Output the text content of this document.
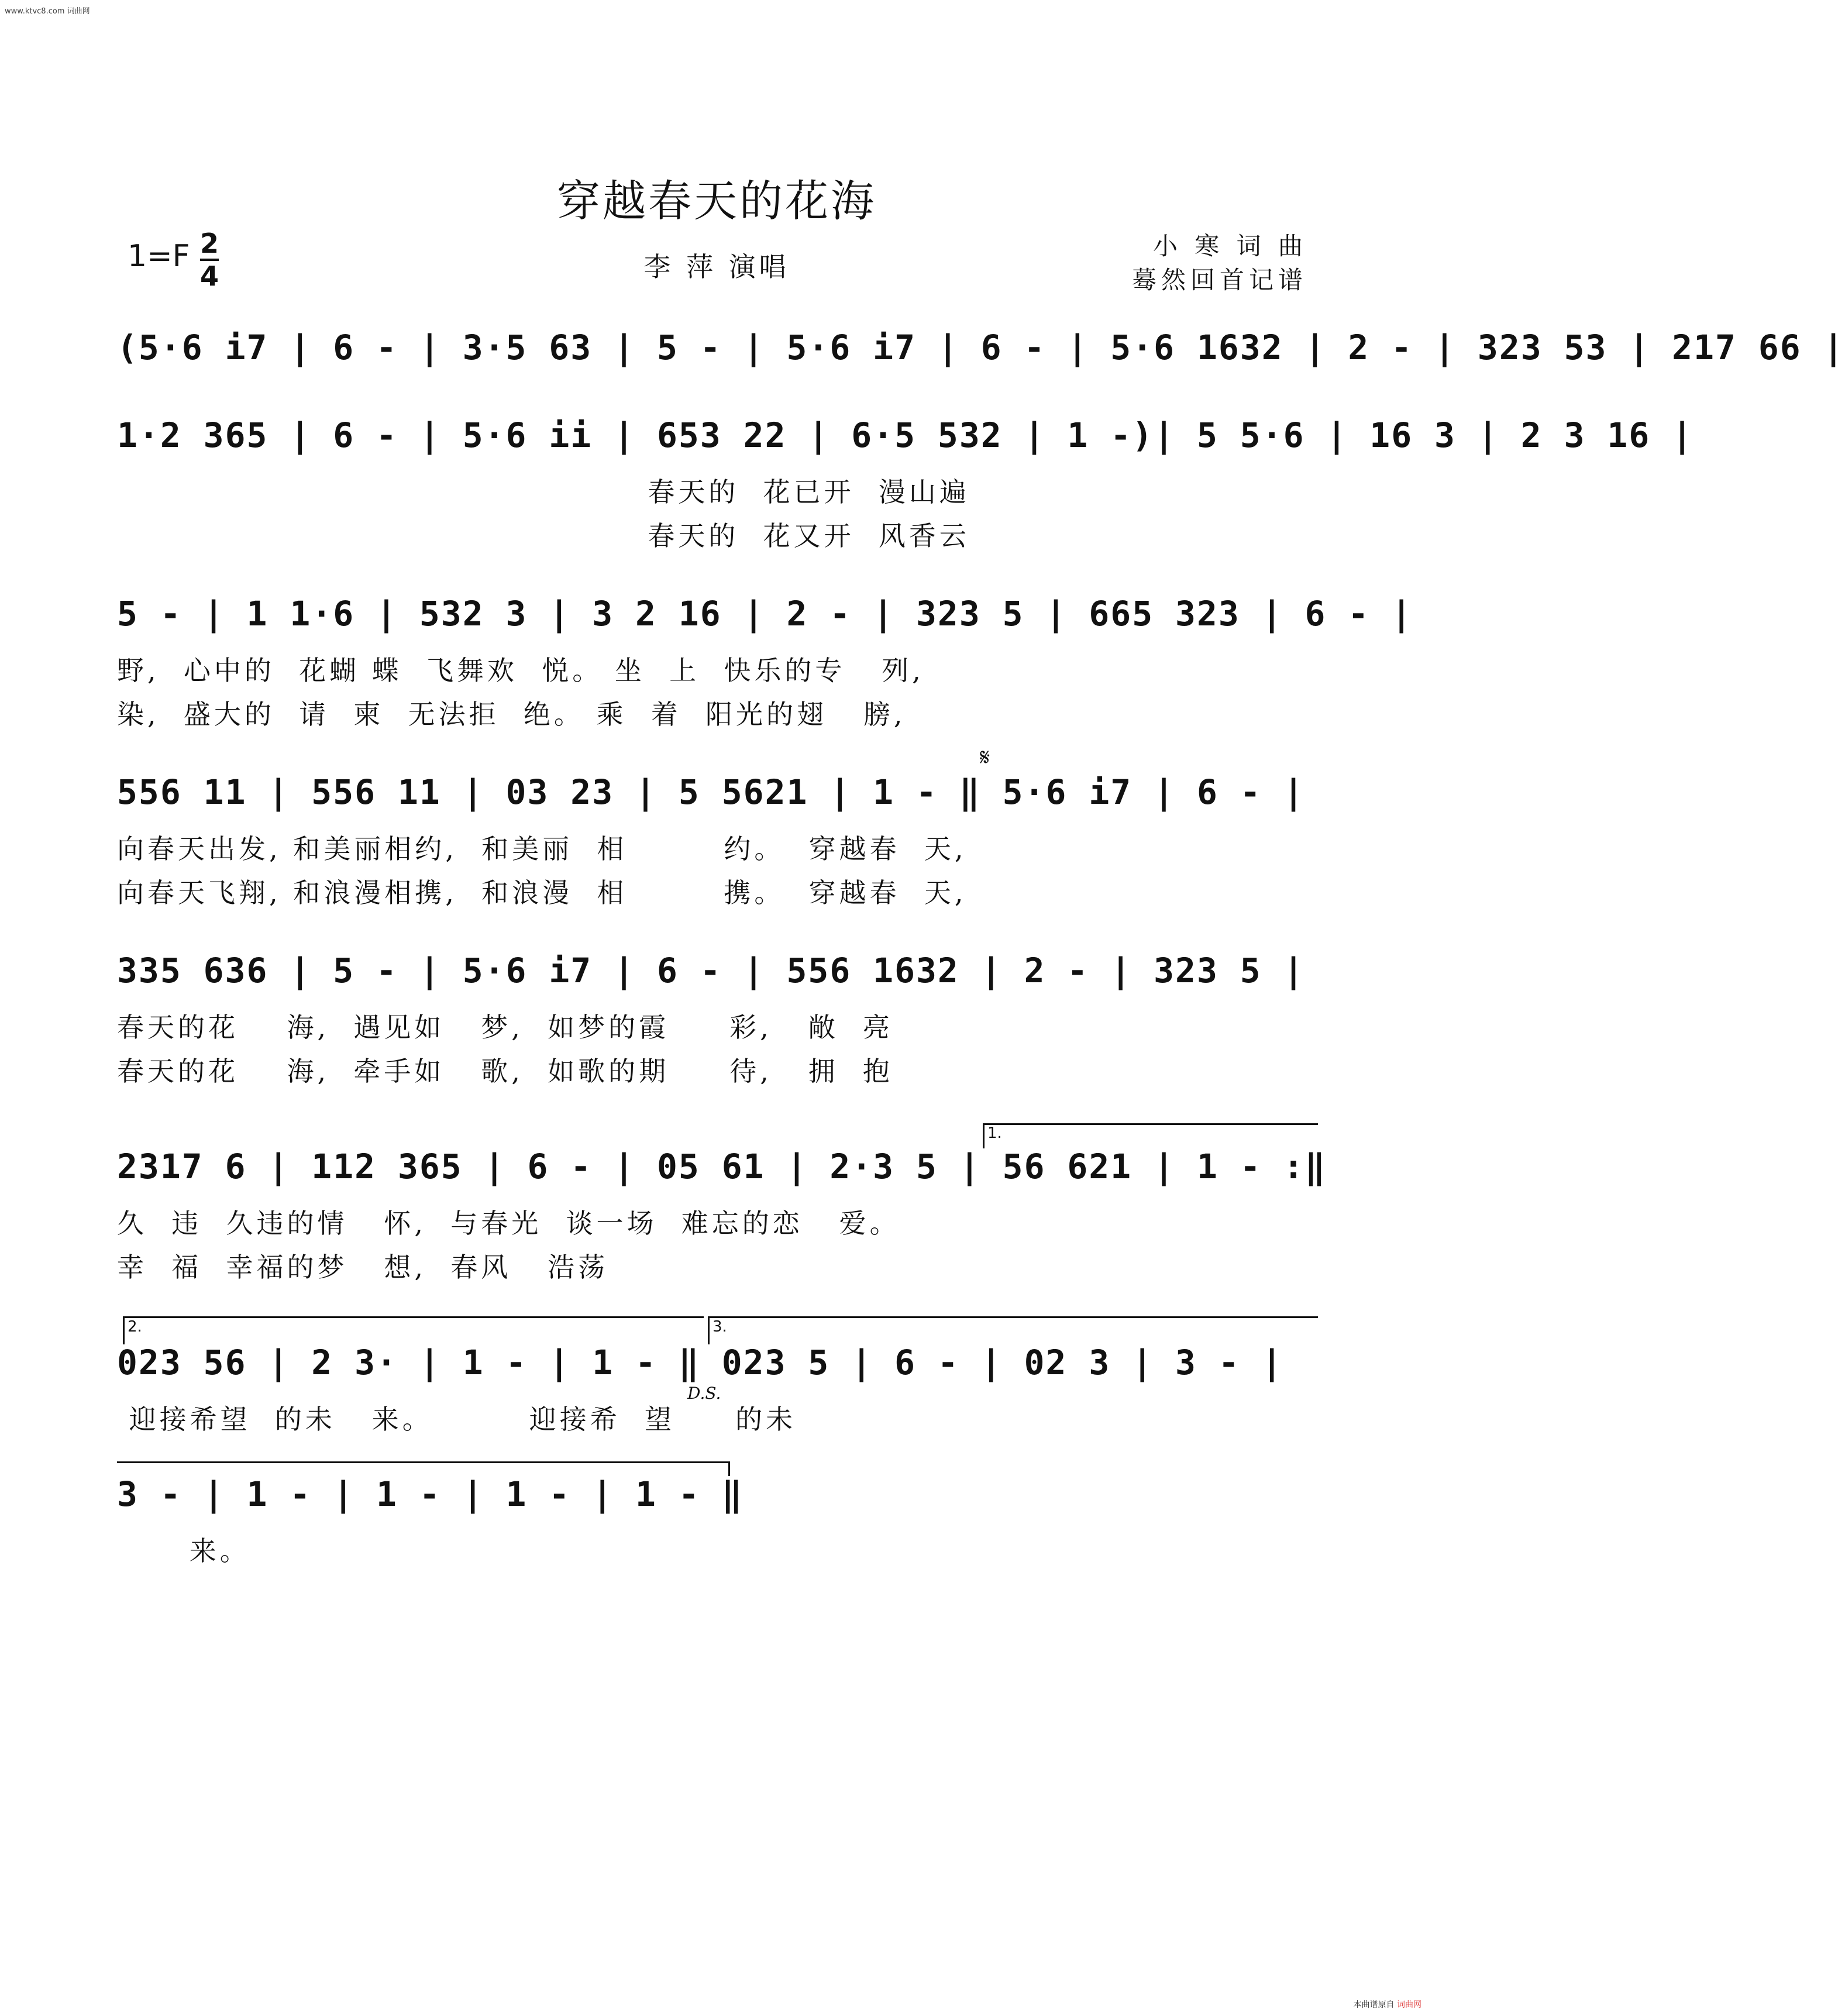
www.ktvc8.com 词曲网
穿越春天的花海
$1=F \frac{2}{4}$	李 萍 演唱
小 寒 词 曲
蓦然回首记谱
(5·6 i7 | 6 - | 3·5 63 | 5 - | 5·6 i7 | 6 - | 5·6 1632 | 2 - | 323 53 | 217 66 |
1·2 365 | 6 - | 5·6 ii | 653 22 | 6·5 532 | 1 -)| 5 5·6 | 16 3 | 2 3 16 |
春天的  花已开  漫山遍
春天的  花又开  风香云
5 - | 1 1·6 | 532 3 | 3 2 16 | 2 - | 323 5 | 665 323 | 6 - |
野,  心中的  花蝴 蝶  飞舞欢  悦。 坐  上  快乐的专   列,
染,  盛大的  请  柬  无法拒  绝。 乘  着  阳光的翅   膀,
556 11 | 556 11 | 03 23 | 5 5621 | 1 - ‖ 5·6 i7 | 6 - |
向春天出发, 和美丽相约,  和美丽  相        约。  穿越春  天,
向春天飞翔, 和浪漫相携,  和浪漫  相        携。  穿越春  天,
𝄋
335 636 | 5 - | 5·6 i7 | 6 - | 556 1632 | 2 - | 323 5 |
春天的花    海,  遇见如   梦,  如梦的霞     彩,   敞  亮
春天的花    海,  牵手如   歌,  如歌的期     待,   拥  抱
1.
2317 6 | 112 365 | 6 - | 05 61 | 2·3 5 | 56 621 | 1 - :‖
久  违  久违的情   怀,  与春光  谈一场  难忘的恋   爱。
幸  福  幸福的梦   想,  春风   浩荡
2.	3.
023 56 | 2 3· | 1 - | 1 - ‖ 023 5 | 6 - | 02 3 | 3 - |
D.S.
迎接希望  的未   来。        迎接希  望     的未
3 - | 1 - | 1 - | 1 - | 1 - ‖
来。
本曲谱原自 词曲网
